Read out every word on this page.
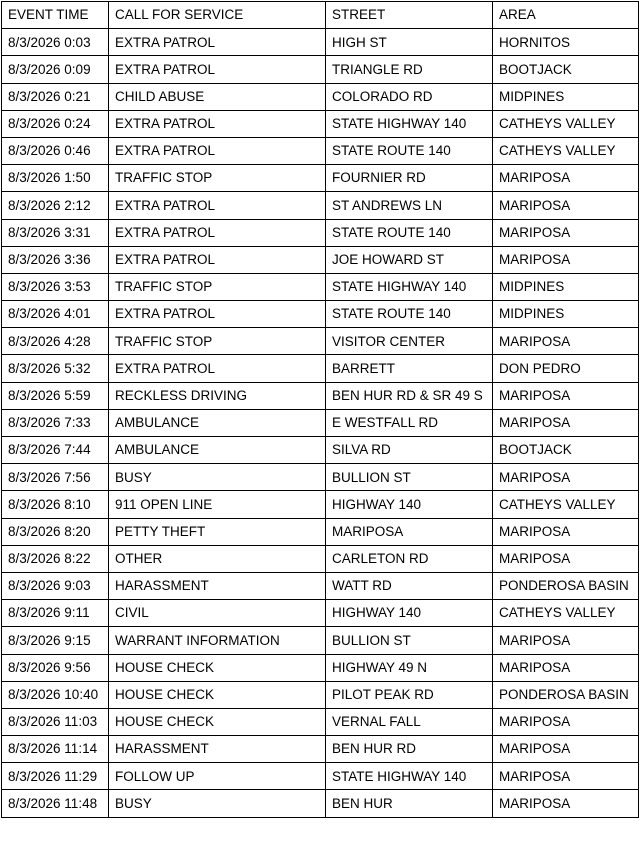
EVENT TIME	CALL FOR SERVICE	STREET	AREA
8/3/2026 0:03	EXTRA PATROL	HIGH ST	HORNITOS
8/3/2026 0:09	EXTRA PATROL	TRIANGLE RD	BOOTJACK
8/3/2026 0:21	CHILD ABUSE	COLORADO RD	MIDPINES
8/3/2026 0:24	EXTRA PATROL	STATE HIGHWAY 140	CATHEYS VALLEY
8/3/2026 0:46	EXTRA PATROL	STATE ROUTE 140	CATHEYS VALLEY
8/3/2026 1:50	TRAFFIC STOP	FOURNIER RD	MARIPOSA
8/3/2026 2:12	EXTRA PATROL	ST ANDREWS LN	MARIPOSA
8/3/2026 3:31	EXTRA PATROL	STATE ROUTE 140	MARIPOSA
8/3/2026 3:36	EXTRA PATROL	JOE HOWARD ST	MARIPOSA
8/3/2026 3:53	TRAFFIC STOP	STATE HIGHWAY 140	MIDPINES
8/3/2026 4:01	EXTRA PATROL	STATE ROUTE 140	MIDPINES
8/3/2026 4:28	TRAFFIC STOP	VISITOR CENTER	MARIPOSA
8/3/2026 5:32	EXTRA PATROL	BARRETT	DON PEDRO
8/3/2026 5:59	RECKLESS DRIVING	BEN HUR RD & SR 49 S	MARIPOSA
8/3/2026 7:33	AMBULANCE	E WESTFALL RD	MARIPOSA
8/3/2026 7:44	AMBULANCE	SILVA RD	BOOTJACK
8/3/2026 7:56	BUSY	BULLION ST	MARIPOSA
8/3/2026 8:10	911 OPEN LINE	HIGHWAY 140	CATHEYS VALLEY
8/3/2026 8:20	PETTY THEFT	MARIPOSA	MARIPOSA
8/3/2026 8:22	OTHER	CARLETON RD	MARIPOSA
8/3/2026 9:03	HARASSMENT	WATT RD	PONDEROSA BASIN
8/3/2026 9:11	CIVIL	HIGHWAY 140	CATHEYS VALLEY
8/3/2026 9:15	WARRANT INFORMATION	BULLION ST	MARIPOSA
8/3/2026 9:56	HOUSE CHECK	HIGHWAY 49 N	MARIPOSA
8/3/2026 10:40	HOUSE CHECK	PILOT PEAK RD	PONDEROSA BASIN
8/3/2026 11:03	HOUSE CHECK	VERNAL FALL	MARIPOSA
8/3/2026 11:14	HARASSMENT	BEN HUR RD	MARIPOSA
8/3/2026 11:29	FOLLOW UP	STATE HIGHWAY 140	MARIPOSA
8/3/2026 11:48	BUSY	BEN HUR	MARIPOSA
